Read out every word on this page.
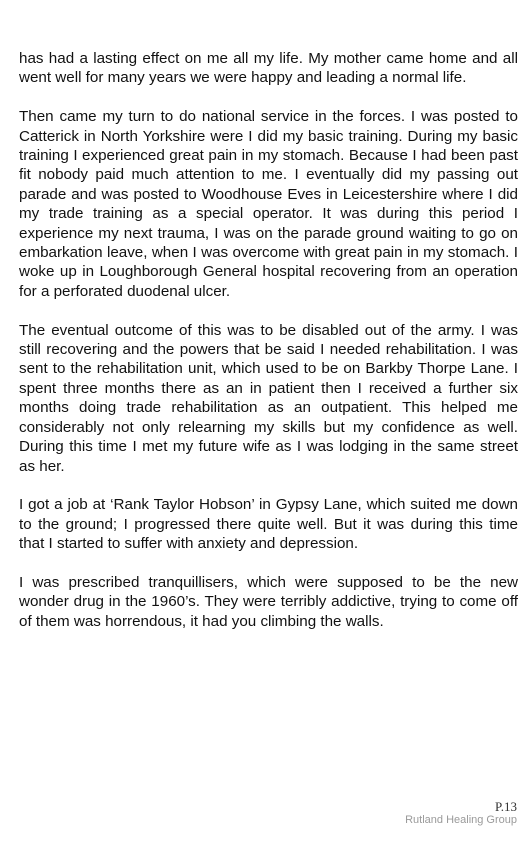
has had a lasting effect on me all my life. My mother came home and all went well for many years we were happy and leading a normal life.

Then came my turn to do national service in the forces. I was posted to Catterick in North Yorkshire were I did my basic training. During my basic training I experienced great pain in my stomach. Because I had been past fit nobody paid much attention to me. I eventually did my passing out parade and was posted to Woodhouse Eves in Leicestershire where I did my trade training as a special operator. It was during this period I experience my next trauma, I was on the parade ground waiting to go on embarkation leave, when I was overcome with great pain in my stomach. I woke up in Loughborough General hospital recovering from an operation for a perforated duodenal ulcer.

The eventual outcome of this was to be disabled out of the army. I was still recovering and the powers that be said I needed rehabilitation. I was sent to the rehabilitation unit, which used to be on Barkby Thorpe Lane. I spent three months there as an in patient then I received a further six months doing trade rehabilitation as an outpatient. This helped me considerably not only relearning my skills but my confidence as well. During this time I met my future wife as I was lodging in the same street as her.

I got a job at ‘Rank Taylor Hobson’ in Gypsy Lane, which suited me down to the ground; I progressed there quite well. But it was during this time that I started to suffer with anxiety and depression.

I was prescribed tranquillisers, which were supposed to be the new wonder drug in the 1960’s. They were terribly addictive, trying to come off of them was horrendous, it had you climbing the walls.

P.13
Rutland Healing Group
